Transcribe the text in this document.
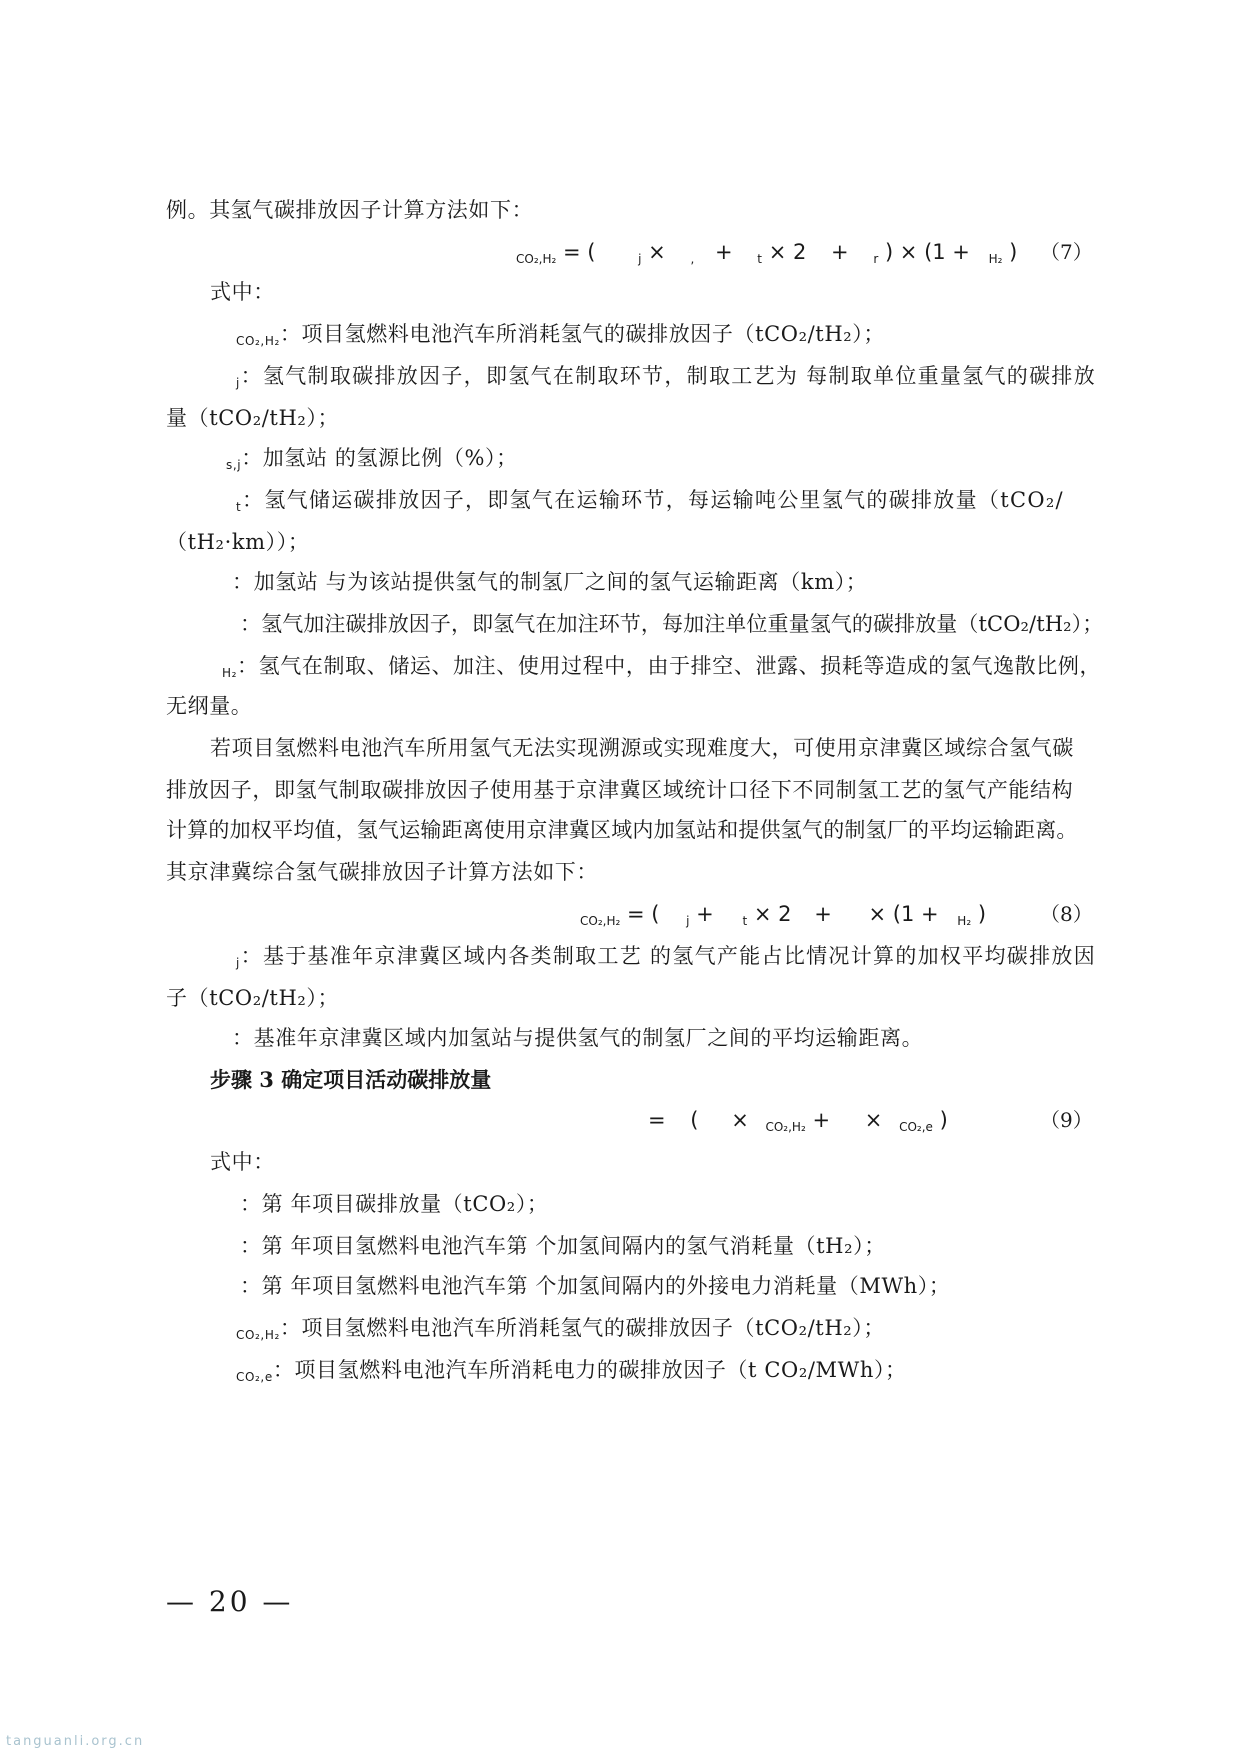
例。其氢气碳排放因子计算方法如下：
CO₂,H₂ = (	j × , + t × 2 + r ) × (1 + H₂ ) （7）
式中：
CO₂,H₂：项目氢燃料电池汽车所消耗氢气的碳排放因子（tCO₂/tH₂）；
j：氢气制取碳排放因子，即氢气在制取环节，制取工艺为 每制取单位重量氢气的碳排放
量（tCO₂/tH₂）；
s,j：加氢站 的氢源比例（%）；
t：氢气储运碳排放因子，即氢气在运输环节，每运输吨公里氢气的碳排放量（tCO₂/
（tH₂·km））；
：加氢站 与为该站提供氢气的制氢厂之间的氢气运输距离（km）；
：氢气加注碳排放因子，即氢气在加注环节，每加注单位重量氢气的碳排放量（tCO₂/tH₂）；
H₂：氢气在制取、储运、加注、使用过程中，由于排空、泄露、损耗等造成的氢气逸散比例，
无纲量。
若项目氢燃料电池汽车所用氢气无法实现溯源或实现难度大，可使用京津冀区域综合氢气碳
排放因子，即氢气制取碳排放因子使用基于京津冀区域统计口径下不同制氢工艺的氢气产能结构
计算的加权平均值，氢气运输距离使用京津冀区域内加氢站和提供氢气的制氢厂的平均运输距离。
其京津冀综合氢气碳排放因子计算方法如下：
CO₂,H₂ = ( j + t × 2 + × (1 + H₂ )	（8）
j：基于基准年京津冀区域内各类制取工艺 的氢气产能占比情况计算的加权平均碳排放因
子（tCO₂/tH₂）；
：基准年京津冀区域内加氢站与提供氢气的制氢厂之间的平均运输距离。
步骤 3 确定项目活动碳排放量
= ( × CO₂,H₂ + × CO₂,e )	（9）
式中：
：第 年项目碳排放量（tCO₂）；
：第 年项目氢燃料电池汽车第 个加氢间隔内的氢气消耗量（tH₂）；
：第 年项目氢燃料电池汽车第 个加氢间隔内的外接电力消耗量（MWh）；
CO₂,H₂：项目氢燃料电池汽车所消耗氢气的碳排放因子（tCO₂/tH₂）；
CO₂,e：项目氢燃料电池汽车所消耗电力的碳排放因子（t CO₂/MWh）；
— 20 —
tanguanli.org.cn
